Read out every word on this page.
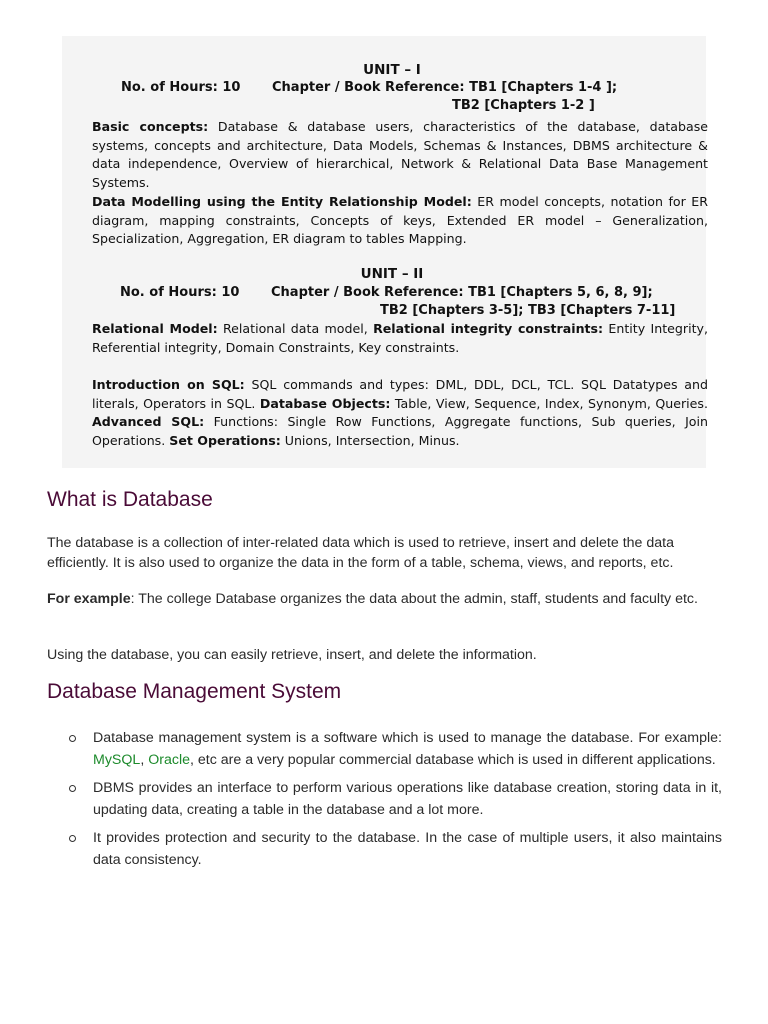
UNIT – I
No. of Hours: 10 Chapter / Book Reference: TB1 [Chapters 1-4 ];
TB2 [Chapters 1-2 ]

Basic concepts: Database & database users, characteristics of the database, database systems, concepts and architecture, Data Models, Schemas & Instances, DBMS architecture & data independence, Overview of hierarchical, Network & Relational Data Base Management Systems.

Data Modelling using the Entity Relationship Model: ER model concepts, notation for ER diagram, mapping constraints, Concepts of keys, Extended ER model – Generalization, Specialization, Aggregation, ER diagram to tables Mapping.

UNIT – II
No. of Hours: 10 Chapter / Book Reference: TB1 [Chapters 5, 6, 8, 9];
TB2 [Chapters 3-5]; TB3 [Chapters 7-11]

Relational Model: Relational data model, Relational integrity constraints: Entity Integrity, Referential integrity, Domain Constraints, Key constraints.

Introduction on SQL: SQL commands and types: DML, DDL, DCL, TCL. SQL Datatypes and literals, Operators in SQL. Database Objects: Table, View, Sequence, Index, Synonym, Queries. Advanced SQL: Functions: Single Row Functions, Aggregate functions, Sub queries, Join Operations. Set Operations: Unions, Intersection, Minus.

What is Database

The database is a collection of inter-related data which is used to retrieve, insert and delete the data efficiently. It is also used to organize the data in the form of a table, schema, views, and reports, etc.

For example: The college Database organizes the data about the admin, staff, students and faculty etc.

Using the database, you can easily retrieve, insert, and delete the information.

Database Management System
Database management system is a software which is used to manage the database. For example: MySQL, Oracle, etc are a very popular commercial database which is used in different applications.
DBMS provides an interface to perform various operations like database creation, storing data in it, updating data, creating a table in the database and a lot more.
It provides protection and security to the database. In the case of multiple users, it also maintains data consistency.
